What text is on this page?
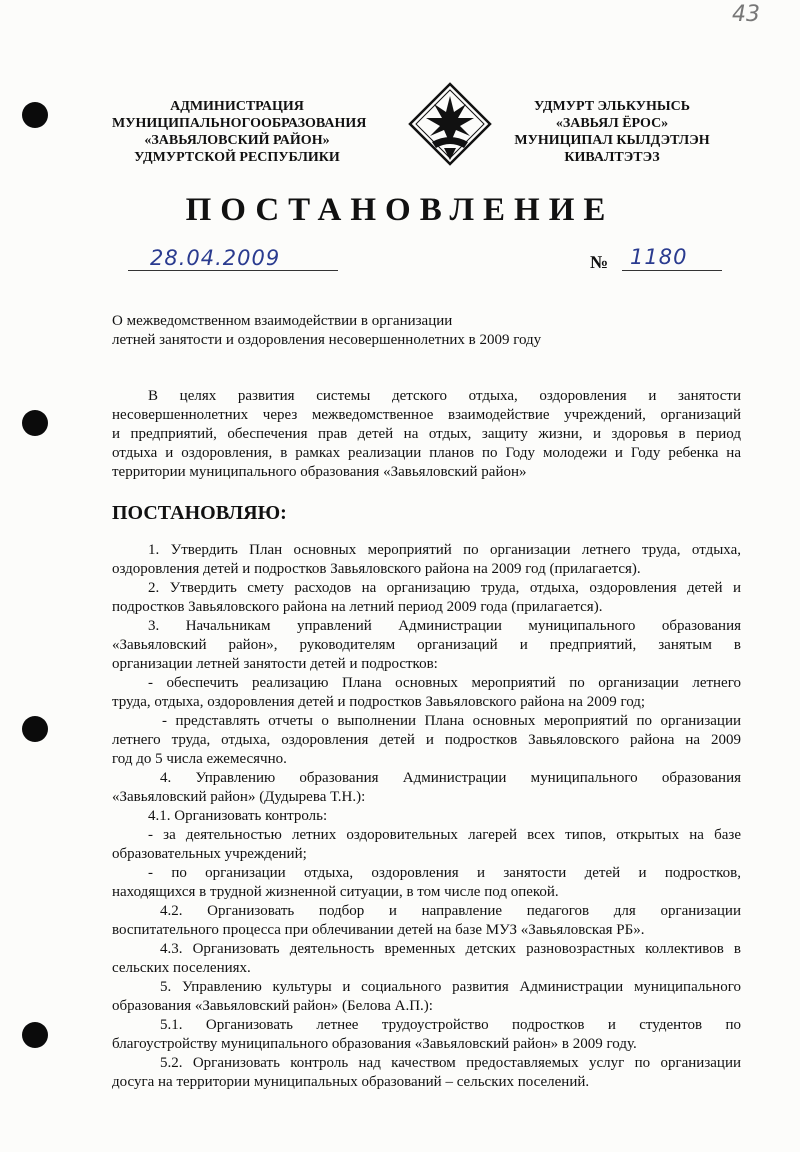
43
АДМИНИСТРАЦИЯ
МУНИЦИПАЛЬНОГООБРАЗОВАНИЯ
«ЗАВЬЯЛОВСКИЙ РАЙОН»
УДМУРТСКОЙ РЕСПУБЛИКИ
УДМУРТ ЭЛЬКУНЫСЬ
«ЗАВЬЯЛ ЁРОС»
МУНИЦИПАЛ КЫЛДЭТЛЭН
КИВАЛТЭТЭЗ
ПОСТАНОВЛЕНИЕ
28.04.2009	№ 1180
О межведомственном взаимодействии в организации
летней занятости и оздоровления несовершеннолетних в 2009 году
В целях развития системы детского отдыха, оздоровления и занятости
несовершеннолетних через межведомственное взаимодействие учреждений, организаций
и предприятий, обеспечения прав детей на отдых, защиту жизни, и здоровья в период
отдыха и оздоровления, в рамках реализации планов по Году молодежи и Году ребенка на
территории муниципального образования «Завьяловский район»
ПОСТАНОВЛЯЮ:
1. Утвердить План основных мероприятий по организации летнего труда, отдыха,
оздоровления детей и подростков Завьяловского района на 2009 год (прилагается).
2. Утвердить смету расходов на организацию труда, отдыха, оздоровления детей и
подростков Завьяловского района на летний период 2009 года (прилагается).
3. Начальникам управлений Администрации муниципального образования
«Завьяловский район», руководителям организаций и предприятий, занятым в
организации летней занятости детей и подростков:
- обеспечить реализацию Плана основных мероприятий по организации летнего
труда, отдыха, оздоровления детей и подростков Завьяловского района на 2009 год;
- представлять отчеты о выполнении Плана основных мероприятий по организации
летнего труда, отдыха, оздоровления детей и подростков Завьяловского района на 2009
год до 5 числа ежемесячно.
4. Управлению образования Администрации муниципального образования
«Завьяловский район» (Дудырева Т.Н.):
4.1. Организовать контроль:
- за деятельностью летних оздоровительных лагерей всех типов, открытых на базе
образовательных учреждений;
- по организации отдыха, оздоровления и занятости детей и подростков,
находящихся в трудной жизненной ситуации, в том числе под опекой.
4.2. Организовать подбор и направление педагогов для организации
воспитательного процесса при облечивании детей на базе МУЗ «Завьяловская РБ».
4.3. Организовать деятельность временных детских разновозрастных коллективов в
сельских поселениях.
5. Управлению культуры и социального развития Администрации муниципального
образования «Завьяловский район» (Белова А.П.):
5.1. Организовать летнее трудоустройство подростков и студентов по
благоустройству муниципального образования «Завьяловский район» в 2009 году.
5.2. Организовать контроль над качеством предоставляемых услуг по организации
досуга на территории муниципальных образований – сельских поселений.
